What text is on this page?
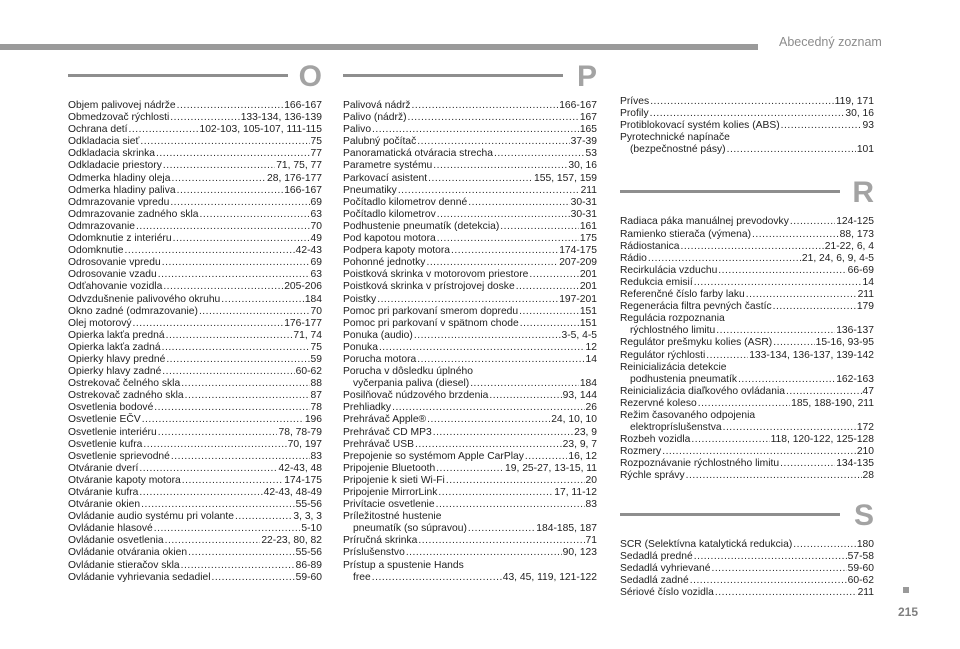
Abecedný zoznam
O
Objem palivovej nádrže .....	166-167
Obmedzovač rýchlosti .....	133-134, 136-139
Ochrana detí .....	102-103, 105-107, 111-115
Odkladacia sieť .....	75
Odkladacia skrinka .....	77
Odkladacie priestory .....	71, 75, 77
Odmerka hladiny oleja .....	28, 176-177
Odmerka hladiny paliva .....	166-167
Odmrazovanie vpredu .....	69
Odmrazovanie zadného skla .....	63
Odmrazovanie .....	70
Odomknutie z interiéru .....	49
Odomknutie .....	42-43
Odrosovanie vpredu .....	69
Odrosovanie vzadu .....	63
Odťahovanie vozidla .....	205-206
Odvzdušnenie palivového okruhu .....	184
Okno zadné (odmrazovanie) .....	70
Olej motorový .....	176-177
Opierka lakťa predná .....	71, 74
Opierka lakťa zadná .....	75
Opierky hlavy predné .....	59
Opierky hlavy zadné .....	60-62
Ostrekovač čelného skla .....	88
Ostrekovač zadného skla .....	87
Osvetlenia bodové .....	78
Osvetlenie EČV .....	196
Osvetlenie interiéru .....	78, 78-79
Osvetlenie kufra .....	70, 197
Osvetlenie sprievodné .....	83
Otváranie dverí .....	42-43, 48
Otváranie kapoty motora .....	174-175
Otváranie kufra .....	42-43, 48-49
Otváranie okien .....	55-56
Ovládanie audio systému pri volante .....	3, 3, 3
Ovládanie hlasové .....	5-10
Ovládanie osvetlenia .....	22-23, 80, 82
Ovládanie otvárania okien .....	55-56
Ovládanie stieračov skla .....	86-89
Ovládanie vyhrievania sedadiel .....	59-60
P
Palivová nádrž .....	166-167
Palivo (nádrž) .....	167
Palivo .....	165
Palubný počítač .....	37-39
Panoramatická otváracia strecha .....	53
Parametre systému .....	30, 16
Parkovací asistent .....	155, 157, 159
Pneumatiky .....	211
Počítadlo kilometrov denné .....	30-31
Počítadlo kilometrov .....	30-31
Podhustenie pneumatík (detekcia) .....	161
Pod kapotou motora .....	175
Podpera kapoty motora .....	174-175
Pohonné jednotky .....	207-209
Poistková skrinka v motorovom priestore .....	201
Poistková skrinka v prístrojovej doske .....	201
Poistky .....	197-201
Pomoc pri parkovaní smerom dopredu .....	151
Pomoc pri parkovaní v spätnom chode .....	151
Ponuka (audio) .....	3-5, 4-5
Ponuka .....	12
Porucha motora .....	14
Porucha v dôsledku úplného
vyčerpania paliva (diesel) .....	184
Posilňovač núdzového brzdenia .....	93, 144
Prehliadky .....	26
Prehrávač Apple® .....	24, 10, 10
Prehrávač CD MP3 .....	23, 9
Prehrávač USB .....	23, 9, 7
Prepojenie so systémom Apple CarPlay .....	16, 12
Pripojenie Bluetooth .....	19, 25-27, 13-15, 11
Pripojenie k sieti Wi-Fi .....	20
Pripojenie MirrorLink .....	17, 11-12
Privítacie osvetlenie .....	83
Príležitostné hustenie
pneumatík (so súpravou) .....	184-185, 187
Príručná skrinka .....	71
Príslušenstvo .....	90, 123
Prístup a spustenie Hands
free .....	43, 45, 119, 121-122
Príves .....	119, 171
Profily .....	30, 16
Protiblokovací systém kolies (ABS) .....	93
Pyrotechnické napínače
(bezpečnostné pásy) .....	101
R
Radiaca páka manuálnej prevodovky .....	124-125
Ramienko stierača (výmena) .....	88, 173
Rádiostanica .....	21-22, 6, 4
Rádio .....	21, 24, 6, 9, 4-5
Recirkulácia vzduchu .....	66-69
Redukcia emisií .....	14
Referenčné číslo farby laku .....	211
Regenerácia filtra pevných častíc .....	179
Regulácia rozpoznania
rýchlostného limitu .....	136-137
Regulátor prešmyku kolies (ASR) .....	15-16, 93-95
Regulátor rýchlosti .....	133-134, 136-137, 139-142
Reinicializácia detekcie
podhustenia pneumatík .....	162-163
Reinicializácia diaľkového ovládania .....	47
Rezervné koleso .....	185, 188-190, 211
Režim časovaného odpojenia
elektropríslušenstva .....	172
Rozbeh vozidla .....	118, 120-122, 125-128
Rozmery .....	210
Rozpoznávanie rýchlostného limitu .....	134-135
Rýchle správy .....	28
S
SCR (Selektívna katalytická redukcia) .....	180
Sedadlá predné .....	57-58
Sedadlá vyhrievané .....	59-60
Sedadlá zadné .....	60-62
Sériové číslo vozidla .....	211
215
